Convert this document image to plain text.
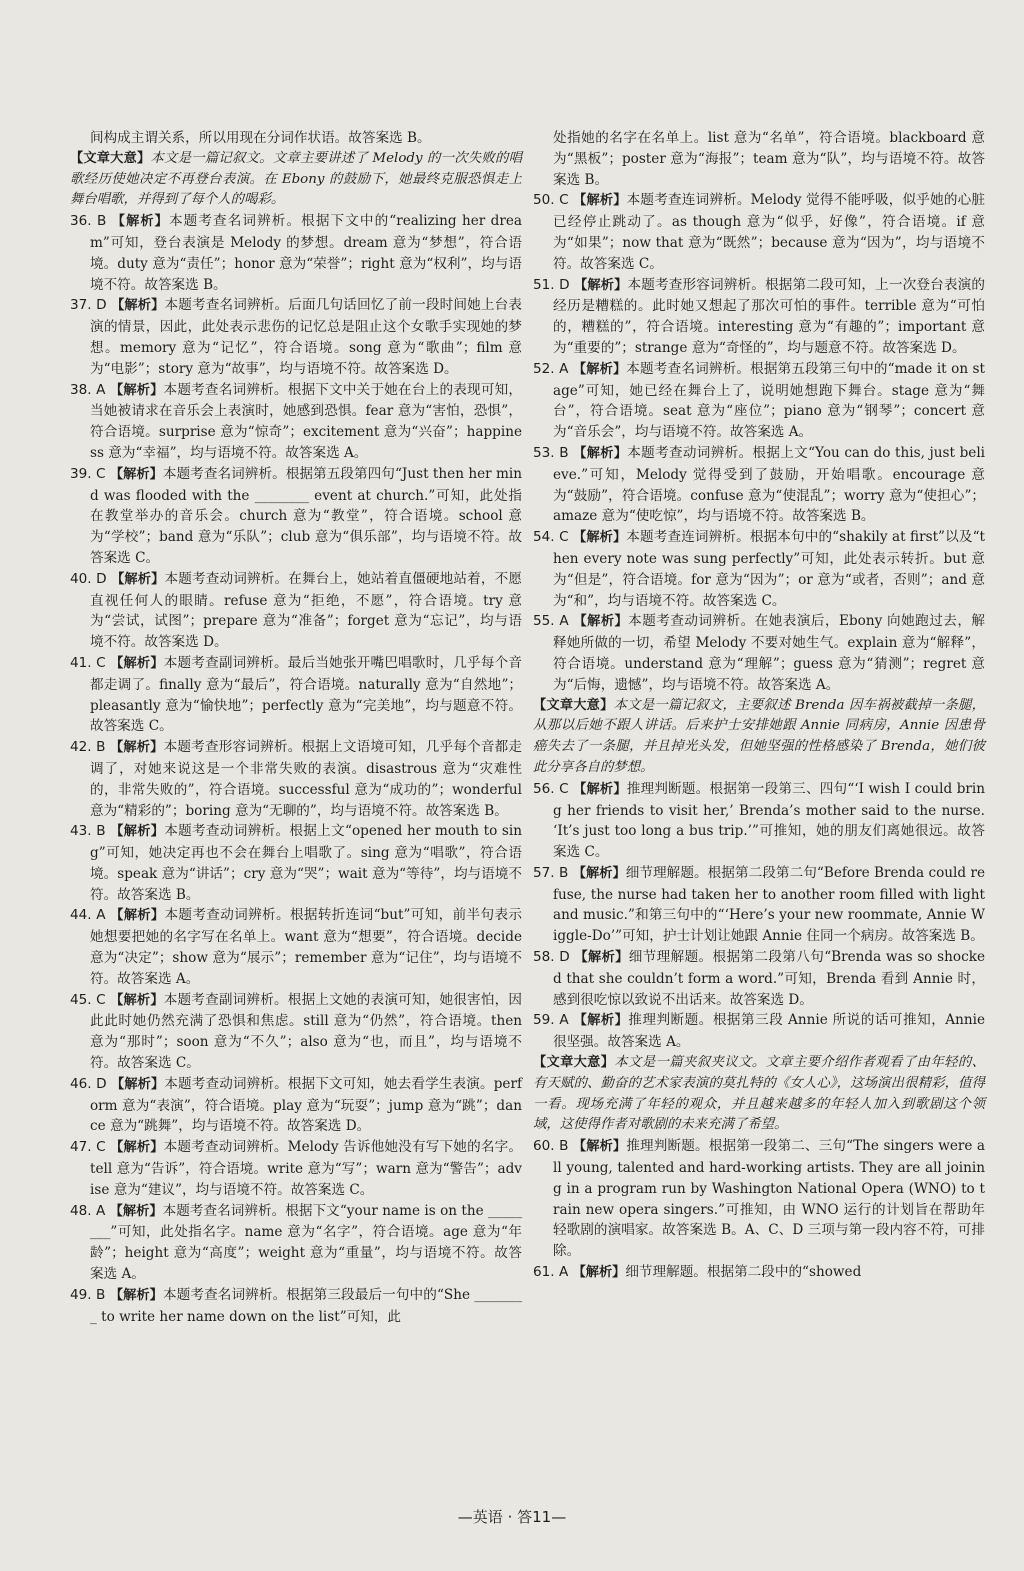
间构成主谓关系，所以用现在分词作状语。故答案选 B。

【文章大意】本文是一篇记叙文。文章主要讲述了 Melody 的一次失败的唱歌经历使她决定不再登台表演。在 Ebony 的鼓励下，她最终克服恐惧走上舞台唱歌，并得到了每个人的喝彩。

36. B 【解析】本题考查名词辨析。根据下文中的“realizing her dream”可知，登台表演是 Melody 的梦想。dream 意为“梦想”，符合语境。duty 意为“责任”；honor 意为“荣誉”；right 意为“权利”，均与语境不符。故答案选 B。

37. D 【解析】本题考查名词辨析。后面几句话回忆了前一段时间她上台表演的情景，因此，此处表示悲伤的记忆总是阻止这个女歌手实现她的梦想。memory 意为“记忆”，符合语境。song 意为“歌曲”；film 意为“电影”；story 意为“故事”，均与语境不符。故答案选 D。

38. A 【解析】本题考查名词辨析。根据下文中关于她在台上的表现可知，当她被请求在音乐会上表演时，她感到恐惧。fear 意为“害怕，恐惧”，符合语境。surprise 意为“惊奇”；excitement 意为“兴奋”；happiness 意为“幸福”，均与语境不符。故答案选 A。

39. C 【解析】本题考查名词辨析。根据第五段第四句“Just then her mind was flooded with the ________ event at church.”可知，此处指在教堂举办的音乐会。church 意为“教堂”，符合语境。school 意为“学校”；band 意为“乐队”；club 意为“俱乐部”，均与语境不符。故答案选 C。

40. D 【解析】本题考查动词辨析。在舞台上，她站着直僵硬地站着，不愿直视任何人的眼睛。refuse 意为“拒绝，不愿”，符合语境。try 意为“尝试，试图”；prepare 意为“准备”；forget 意为“忘记”，均与语境不符。故答案选 D。

41. C 【解析】本题考查副词辨析。最后当她张开嘴巴唱歌时，几乎每个音都走调了。finally 意为“最后”，符合语境。naturally 意为“自然地”；pleasantly 意为“愉快地”；perfectly 意为“完美地”，均与题意不符。故答案选 C。

42. B 【解析】本题考查形容词辨析。根据上文语境可知，几乎每个音都走调了，对她来说这是一个非常失败的表演。disastrous 意为“灾难性的，非常失败的”，符合语境。successful 意为“成功的”；wonderful 意为“精彩的”；boring 意为“无聊的”，均与语境不符。故答案选 B。

43. B 【解析】本题考查动词辨析。根据上文“opened her mouth to sing”可知，她决定再也不会在舞台上唱歌了。sing 意为“唱歌”，符合语境。speak 意为“讲话”；cry 意为“哭”；wait 意为“等待”，均与语境不符。故答案选 B。

44. A 【解析】本题考查动词辨析。根据转折连词“but”可知，前半句表示她想要把她的名字写在名单上。want 意为“想要”，符合语境。decide 意为“决定”；show 意为“展示”；remember 意为“记住”，均与语境不符。故答案选 A。

45. C 【解析】本题考查副词辨析。根据上文她的表演可知，她很害怕，因此此时她仍然充满了恐惧和焦虑。still 意为“仍然”，符合语境。then 意为“那时”；soon 意为“不久”；also 意为“也，而且”，均与语境不符。故答案选 C。

46. D 【解析】本题考查动词辨析。根据下文可知，她去看学生表演。perform 意为“表演”，符合语境。play 意为“玩耍”；jump 意为“跳”；dance 意为“跳舞”，均与语境不符。故答案选 D。

47. C 【解析】本题考查动词辨析。Melody 告诉他她没有写下她的名字。tell 意为“告诉”，符合语境。write 意为“写”；warn 意为“警告”；advise 意为“建议”，均与语境不符。故答案选 C。

48. A 【解析】本题考查名词辨析。根据下文“your name is on the ________”可知，此处指名字。name 意为“名字”，符合语境。age 意为“年龄”；height 意为“高度”；weight 意为“重量”，均与语境不符。故答案选 A。

49. B 【解析】本题考查名词辨析。根据第三段最后一句中的“She ________ to write her name down on the list”可知，此

处指她的名字在名单上。list 意为“名单”，符合语境。blackboard 意为“黑板”；poster 意为“海报”；team 意为“队”，均与语境不符。故答案选 B。

50. C 【解析】本题考查连词辨析。Melody 觉得不能呼吸，似乎她的心脏已经停止跳动了。as though 意为“似乎，好像”，符合语境。if 意为“如果”；now that 意为“既然”；because 意为“因为”，均与语境不符。故答案选 C。

51. D 【解析】本题考查形容词辨析。根据第二段可知，上一次登台表演的经历是糟糕的。此时她又想起了那次可怕的事件。terrible 意为“可怕的，糟糕的”，符合语境。interesting 意为“有趣的”；important 意为“重要的”；strange 意为“奇怪的”，均与题意不符。故答案选 D。

52. A 【解析】本题考查名词辨析。根据第五段第三句中的“made it on stage”可知，她已经在舞台上了，说明她想跑下舞台。stage 意为“舞台”，符合语境。seat 意为“座位”；piano 意为“钢琴”；concert 意为“音乐会”，均与语境不符。故答案选 A。

53. B 【解析】本题考查动词辨析。根据上文“You can do this, just believe.”可知，Melody 觉得受到了鼓励，开始唱歌。encourage 意为“鼓励”，符合语境。confuse 意为“使混乱”；worry 意为“使担心”；amaze 意为“使吃惊”，均与语境不符。故答案选 B。

54. C 【解析】本题考查连词辨析。根据本句中的“shakily at first”以及“then every note was sung perfectly”可知，此处表示转折。but 意为“但是”，符合语境。for 意为“因为”；or 意为“或者，否则”；and 意为“和”，均与语境不符。故答案选 C。

55. A 【解析】本题考查动词辨析。在她表演后，Ebony 向她跑过去，解释她所做的一切，希望 Melody 不要对她生气。explain 意为“解释”，符合语境。understand 意为“理解”；guess 意为“猜测”；regret 意为“后悔，遗憾”，均与语境不符。故答案选 A。

【文章大意】本文是一篇记叙文，主要叙述 Brenda 因车祸被截掉一条腿，从那以后她不跟人讲话。后来护士安排她跟 Annie 同病房，Annie 因患骨癌失去了一条腿，并且掉光头发，但她坚强的性格感染了 Brenda，她们彼此分享各自的梦想。

56. C 【解析】推理判断题。根据第一段第三、四句“‘I wish I could bring her friends to visit her,’ Brenda’s mother said to the nurse. ‘It’s just too long a bus trip.’”可推知，她的朋友们离她很远。故答案选 C。

57. B 【解析】细节理解题。根据第二段第二句“Before Brenda could refuse, the nurse had taken her to another room filled with light and music.”和第三句中的“‘Here’s your new roommate, Annie Wiggle-Do’”可知，护士计划让她跟 Annie 住同一个病房。故答案选 B。

58. D 【解析】细节理解题。根据第二段第八句“Brenda was so shocked that she couldn’t form a word.”可知，Brenda 看到 Annie 时，感到很吃惊以致说不出话来。故答案选 D。

59. A 【解析】推理判断题。根据第三段 Annie 所说的话可推知，Annie 很坚强。故答案选 A。

【文章大意】本文是一篇夹叙夹议文。文章主要介绍作者观看了由年轻的、有天赋的、勤奋的艺术家表演的莫扎特的《女人心》，这场演出很精彩，值得一看。现场充满了年轻的观众，并且越来越多的年轻人加入到歌剧这个领域，这使得作者对歌剧的未来充满了希望。

60. B 【解析】推理判断题。根据第一段第二、三句“The singers were all young, talented and hard-working artists. They are all joining in a program run by Washington National Opera (WNO) to train new opera singers.”可推知，由 WNO 运行的计划旨在帮助年轻歌剧的演唱家。故答案选 B。A、C、D 三项与第一段内容不符，可排除。

61. A 【解析】细节理解题。根据第二段中的“showed

—英语 · 答11—
